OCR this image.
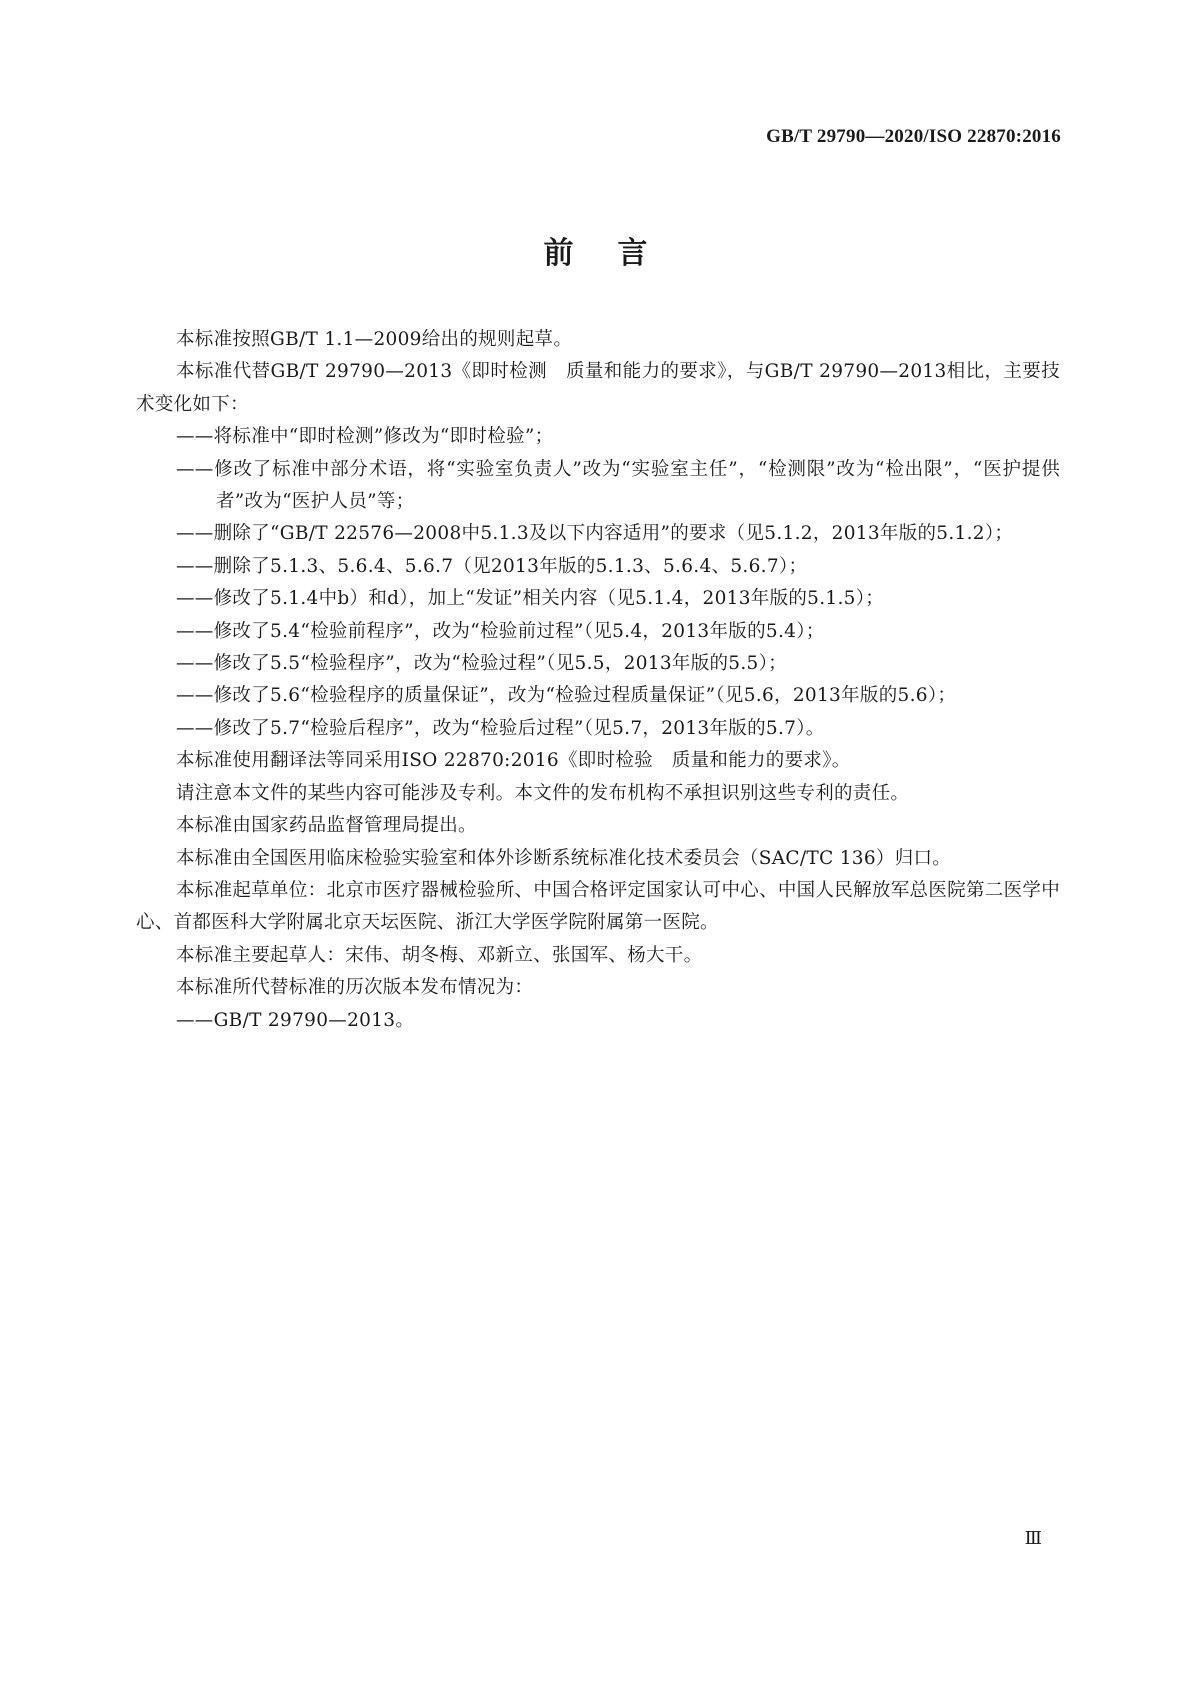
GB/T 29790—2020/ISO 22870:2016
前言

本标准按照GB/T 1.1—2009给出的规则起草。

本标准代替GB/T 29790—2013《即时检测　质量和能力的要求》，与GB/T 29790—2013相比，主要技术变化如下：

——将标准中“即时检测”修改为“即时检验”；

——修改了标准中部分术语，将“实验室负责人”改为“实验室主任”，“检测限”改为“检出限”，“医护提供者”改为“医护人员”等；

——删除了“GB/T 22576—2008中5.1.3及以下内容适用”的要求（见5.1.2，2013年版的5.1.2）；

——删除了5.1.3、5.6.4、5.6.7（见2013年版的5.1.3、5.6.4、5.6.7）；

——修改了5.1.4中b）和d），加上“发证”相关内容（见5.1.4，2013年版的5.1.5）；

——修改了5.4“检验前程序”，改为“检验前过程”（见5.4，2013年版的5.4）；

——修改了5.5“检验程序”，改为“检验过程”（见5.5，2013年版的5.5）；

——修改了5.6“检验程序的质量保证”，改为“检验过程质量保证”（见5.6，2013年版的5.6）；

——修改了5.7“检验后程序”，改为“检验后过程”（见5.7，2013年版的5.7）。

本标准使用翻译法等同采用ISO 22870:2016《即时检验　质量和能力的要求》。

请注意本文件的某些内容可能涉及专利。本文件的发布机构不承担识别这些专利的责任。

本标准由国家药品监督管理局提出。

本标准由全国医用临床检验实验室和体外诊断系统标准化技术委员会（SAC/TC 136）归口。

本标准起草单位：北京市医疗器械检验所、中国合格评定国家认可中心、中国人民解放军总医院第二医学中心、首都医科大学附属北京天坛医院、浙江大学医学院附属第一医院。

本标准主要起草人：宋伟、胡冬梅、邓新立、张国军、杨大干。

本标准所代替标准的历次版本发布情况为：

——GB/T 29790—2013。

Ⅲ
